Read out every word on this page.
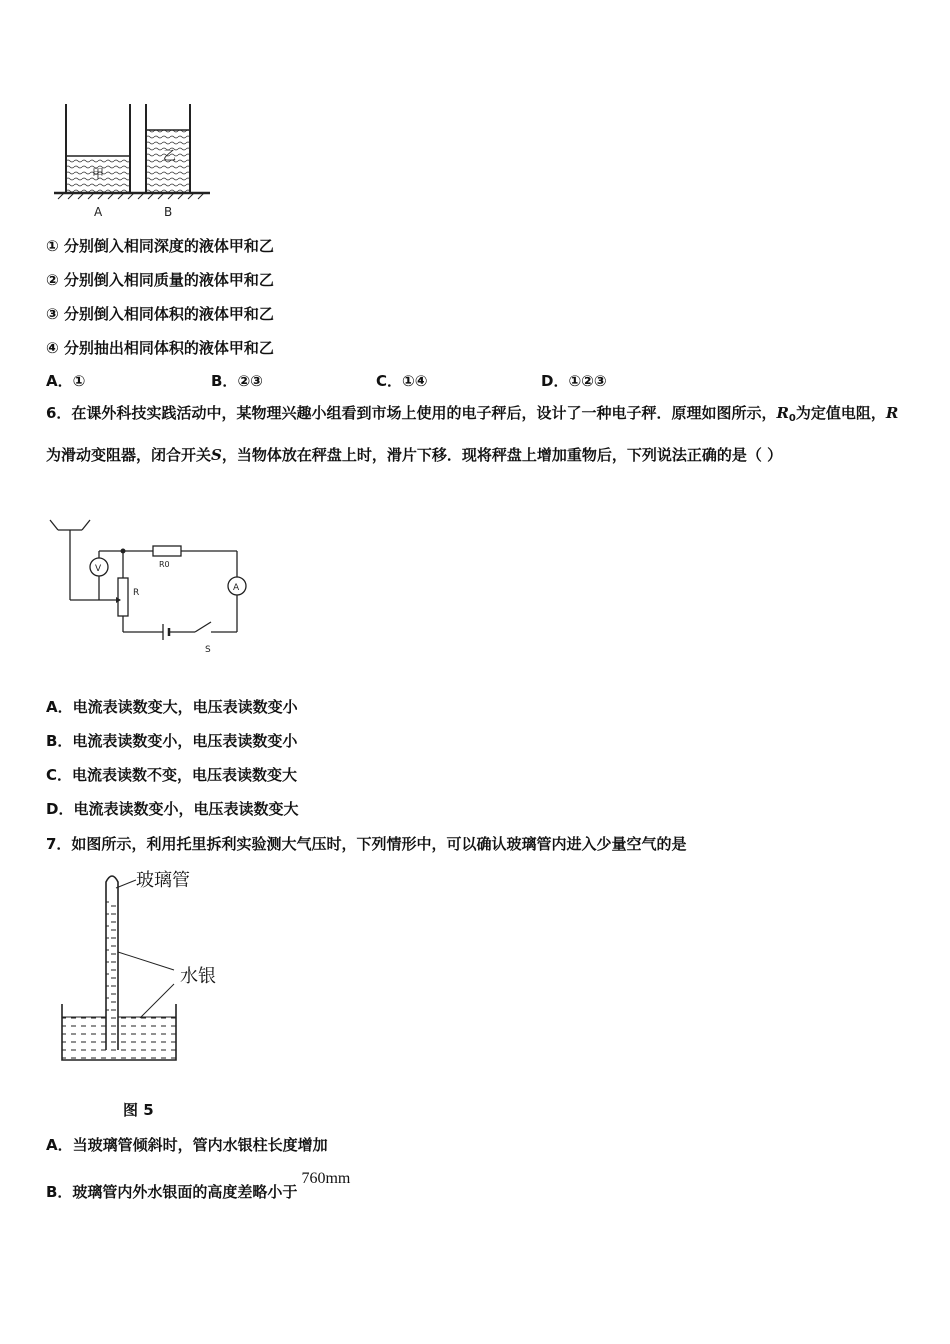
甲
乙
A	B
① 分别倒入相同深度的液体甲和乙
② 分别倒入相同质量的液体甲和乙
③ 分别倒入相同体积的液体甲和乙
④ 分别抽出相同体积的液体甲和乙
A．①	B．②③	C．①④	D．①②③
6．在课外科技实践活动中，某物理兴趣小组看到市场上使用的电子秤后，设计了一种电子秤．原理如图所示，$R_0$为定值电阻，R为滑动变阻器，闭合开关S，当物体放在秤盘上时，滑片下移．现将秤盘上增加重物后，下列说法正确的是（ ）
V
A
R
R0
S
A．电流表读数变大，电压表读数变小
B．电流表读数变小，电压表读数变小
C．电流表读数不变，电压表读数变大
D．电流表读数变小，电压表读数变大
7．如图所示，利用托里拆利实验测大气压时，下列情形中，可以确认玻璃管内进入少量空气的是
玻璃管
水银
图 5
A．当玻璃管倾斜时，管内水银柱长度增加
B．玻璃管内外水银面的高度差略小于760mm
